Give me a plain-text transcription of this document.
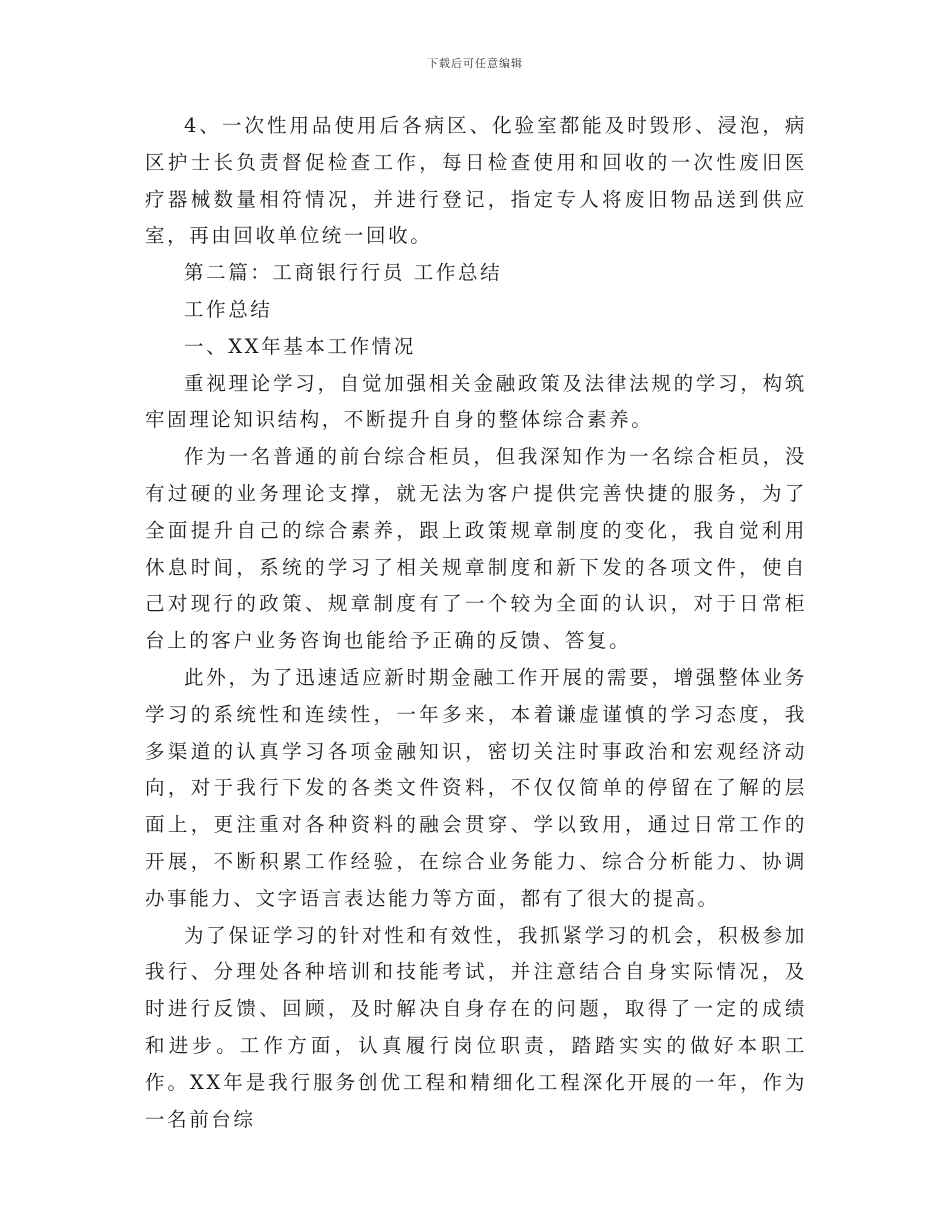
下载后可任意编辑

4、一次性用品使用后各病区、化验室都能及时毁形、浸泡，病区护士长负责督促检查工作，每日检查使用和回收的一次性废旧医疗器械数量相符情况，并进行登记，指定专人将废旧物品送到供应室，再由回收单位统一回收。

第二篇：工商银行行员 工作总结

工作总结

一、XX年基本工作情况

重视理论学习，自觉加强相关金融政策及法律法规的学习，构筑牢固理论知识结构，不断提升自身的整体综合素养。

作为一名普通的前台综合柜员，但我深知作为一名综合柜员，没有过硬的业务理论支撑，就无法为客户提供完善快捷的服务，为了全面提升自己的综合素养，跟上政策规章制度的变化，我自觉利用休息时间，系统的学习了相关规章制度和新下发的各项文件，使自己对现行的政策、规章制度有了一个较为全面的认识，对于日常柜台上的客户业务咨询也能给予正确的反馈、答复。

此外，为了迅速适应新时期金融工作开展的需要，增强整体业务学习的系统性和连续性，一年多来，本着谦虚谨慎的学习态度，我多渠道的认真学习各项金融知识，密切关注时事政治和宏观经济动向，对于我行下发的各类文件资料，不仅仅简单的停留在了解的层面上，更注重对各种资料的融会贯穿、学以致用，通过日常工作的开展，不断积累工作经验，在综合业务能力、综合分析能力、协调办事能力、文字语言表达能力等方面，都有了很大的提高。

为了保证学习的针对性和有效性，我抓紧学习的机会，积极参加我行、分理处各种培训和技能考试，并注意结合自身实际情况，及时进行反馈、回顾，及时解决自身存在的问题，取得了一定的成绩和进步。工作方面，认真履行岗位职责，踏踏实实的做好本职工作。XX年是我行服务创优工程和精细化工程深化开展的一年，作为一名前台综
